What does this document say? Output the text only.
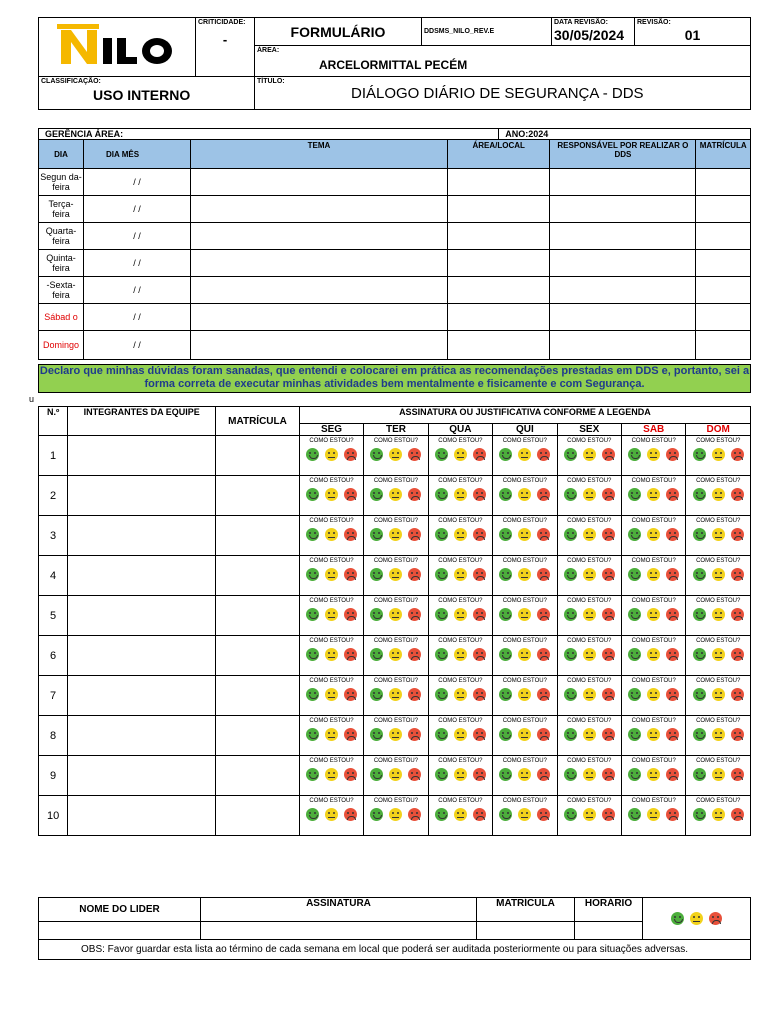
CRITICIDADE:
-	FORMULÁRIO	DDSMS_NILO_REV.E	DATA REVISÃO:
30/05/2024	REVISÃO:
01

		ÁREA:
ARCELORMITTAL PECÉM			

CLASSIFICAÇÃO:
USO INTERNO		TÍTULO:
DIÁLOGO DIÁRIO DE SEGURANÇA - DDS			
GERÊNCIA ÁREA:				ANO:2024		
DIA	DIA MÊS	TEMA	ÁREA/LOCAL		RESPONSÁVEL POR REALIZAR O DDS	MATRÍCULA
Segun da- feira	/ /					
Terça- feira	/ /					
Quarta- feira	/ /					
Quinta- feira	/ /					
-Sexta- feira	/ /					
Sábad o	/ /					
Domingo	/ /					
Declaro que minhas dúvidas foram sanadas, que entendi e colocarei em prática as recomendações prestadas em DDS e, portanto, sei a forma correta de executar minhas atividades bem mentalmente e fisicamente e com Segurança.
u
N.º	INTEGRANTES DA EQUIPE	MATRÍCULA	ASSINATURA OU JUSTIFICATIVA CONFORME A LEGENDA						
			SEG	TER	QUA	QUI	SEX	SAB	DOM
1			COMO ESTOU?	COMO ESTOU?	COMO ESTOU?	COMO ESTOU?	COMO ESTOU?	COMO ESTOU?	COMO ESTOU?

2			COMO ESTOU?	COMO ESTOU?	COMO ESTOU?	COMO ESTOU?	COMO ESTOU?	COMO ESTOU?	COMO ESTOU?

3			COMO ESTOU?	COMO ESTOU?	COMO ESTOU?	COMO ESTOU?	COMO ESTOU?	COMO ESTOU?	COMO ESTOU?

4			COMO ESTOU?	COMO ESTOU?	COMO ESTOU?	COMO ESTOU?	COMO ESTOU?	COMO ESTOU?	COMO ESTOU?

5			COMO ESTOU?	COMO ESTOU?	COMO ESTOU?	COMO ESTOU?	COMO ESTOU?	COMO ESTOU?	COMO ESTOU?

6			COMO ESTOU?	COMO ESTOU?	COMO ESTOU?	COMO ESTOU?	COMO ESTOU?	COMO ESTOU?	COMO ESTOU?

7			COMO ESTOU?	COMO ESTOU?	COMO ESTOU?	COMO ESTOU?	COMO ESTOU?	COMO ESTOU?	COMO ESTOU?

8			COMO ESTOU?	COMO ESTOU?	COMO ESTOU?	COMO ESTOU?	COMO ESTOU?	COMO ESTOU?	COMO ESTOU?

9			COMO ESTOU?	COMO ESTOU?	COMO ESTOU?	COMO ESTOU?	COMO ESTOU?	COMO ESTOU?	COMO ESTOU?

10			COMO ESTOU?	COMO ESTOU?	COMO ESTOU?	COMO ESTOU?	COMO ESTOU?	COMO ESTOU?	COMO ESTOU?
NOME DO LIDER	ASSINATURA	MATRÍCULA	HORÁRIO	

OBS: Favor guardar esta lista ao término de cada semana em local que poderá ser auditada posteriormente ou para situações adversas.				
